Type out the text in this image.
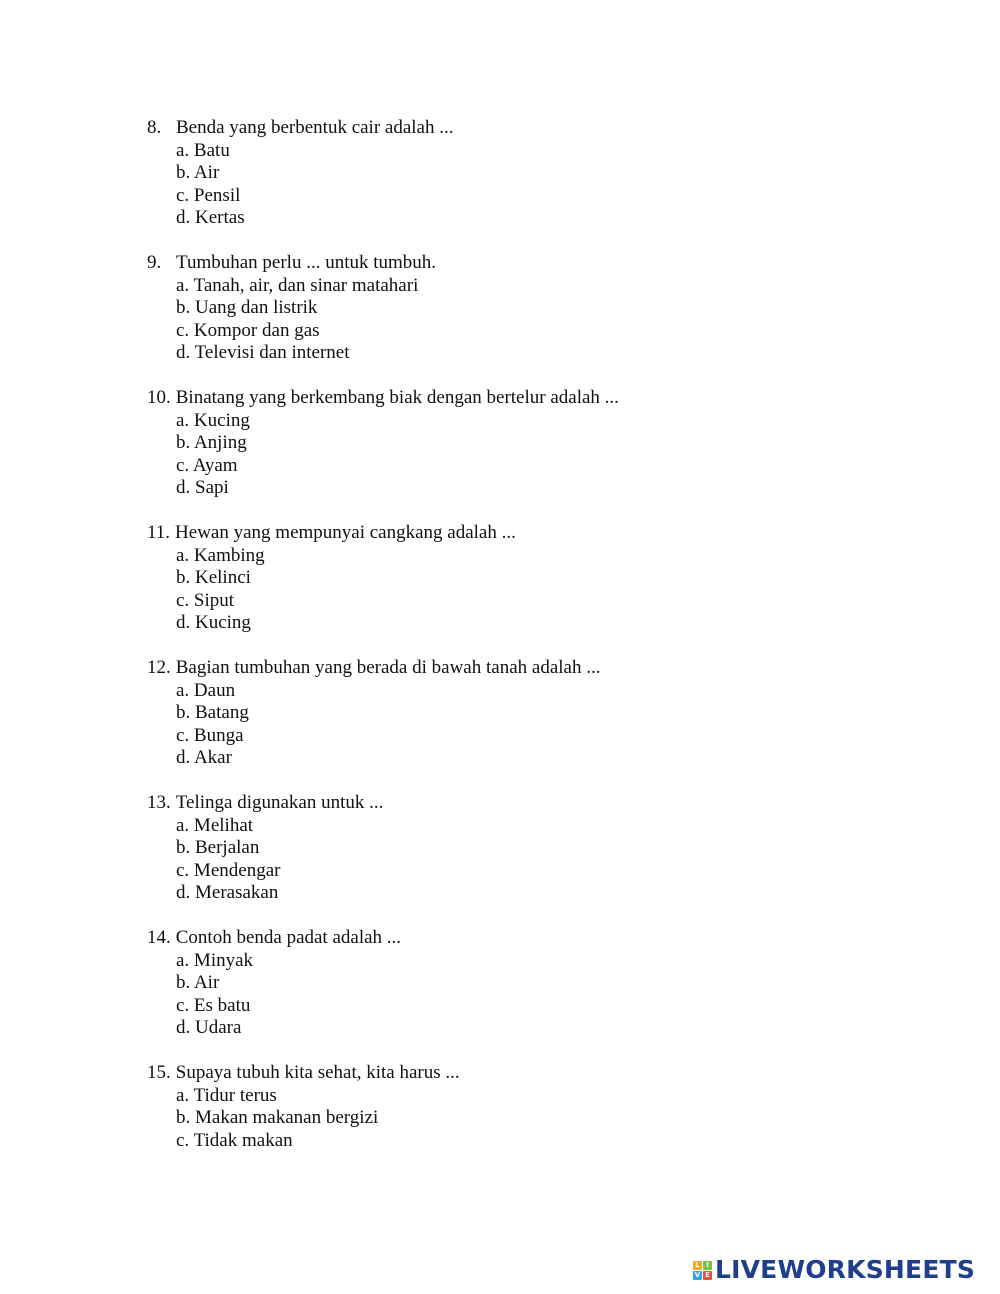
8. Benda yang berbentuk cair adalah ...
a. Batu
b. Air
c. Pensil
d. Kertas
9. Tumbuhan perlu ... untuk tumbuh.
a. Tanah, air, dan sinar matahari
b. Uang dan listrik
c. Kompor dan gas
d. Televisi dan internet
10. Binatang yang berkembang biak dengan bertelur adalah ...
a. Kucing
b. Anjing
c. Ayam
d. Sapi
11. Hewan yang mempunyai cangkang adalah ...
a. Kambing
b. Kelinci
c. Siput
d. Kucing
12. Bagian tumbuhan yang berada di bawah tanah adalah ...
a. Daun
b. Batang
c. Bunga
d. Akar
13. Telinga digunakan untuk ...
a. Melihat
b. Berjalan
c. Mendengar
d. Merasakan
14. Contoh benda padat adalah ...
a. Minyak
b. Air
c. Es batu
d. Udara
15. Supaya tubuh kita sehat, kita harus ...
a. Tidur terus
b. Makan makanan bergizi
c. Tidak makan
L I
V E LIVEWORKSHEETS
